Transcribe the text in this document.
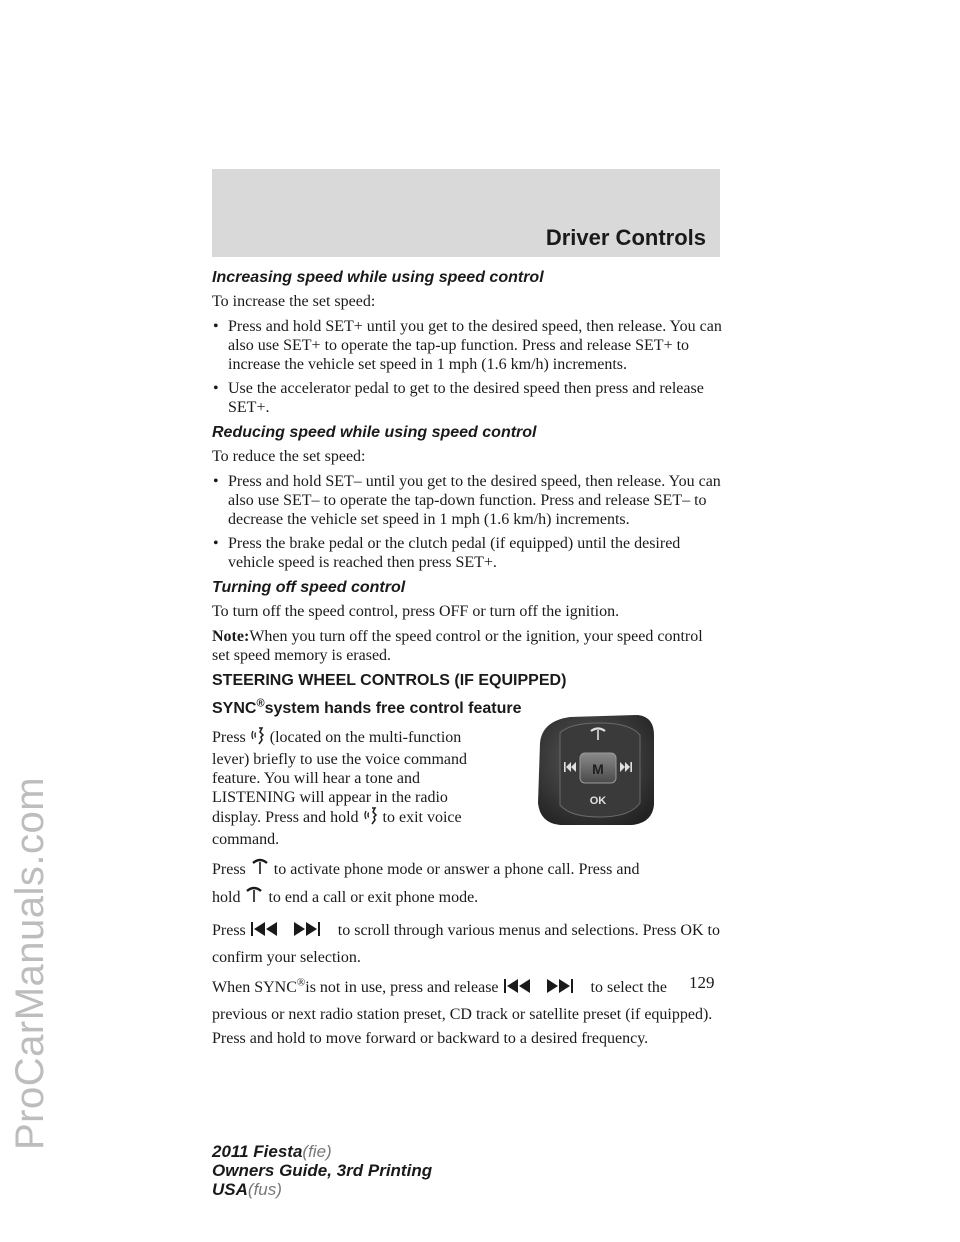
ProCarManuals.com
Driver Controls
Increasing speed while using speed control

To increase the set speed:

• Press and hold SET+ until you get to the desired speed, then release. You can also use SET+ to operate the tap-up function. Press and release SET+ to increase the vehicle set speed in 1 mph (1.6 km/h) increments.
• Use the accelerator pedal to get to the desired speed then press and release SET+.
Reducing speed while using speed control

To reduce the set speed:

• Press and hold SET– until you get to the desired speed, then release. You can also use SET– to operate the tap-down function. Press and release SET– to decrease the vehicle set speed in 1 mph (1.6 km/h) increments.
• Press the brake pedal or the clutch pedal (if equipped) until the desired vehicle speed is reached then press SET+.
Turning off speed control

To turn off the speed control, press OFF or turn off the ignition.

Note:When you turn off the speed control or the ignition, your speed control set speed memory is erased.

STEERING WHEEL CONTROLS (IF EQUIPPED)
SYNC®system hands free control feature
Press (located on the multi-function lever) briefly to use the voice command feature. You will hear a tone and LISTENING will appear in the radio display. Press and hold to exit voice command.
M
OK

Press to activate phone mode or answer a phone call. Press and
hold to end a call or exit phone mode.

Press	to scroll through various menus and selections. Press OK to confirm your selection.

When SYNC®is not in use, press and release	to select the previous or next radio station preset, CD track or satellite preset (if equipped). Press and hold to move forward or backward to a desired frequency.

129
2011 Fiesta(fie)
Owners Guide, 3rd Printing
USA(fus)
